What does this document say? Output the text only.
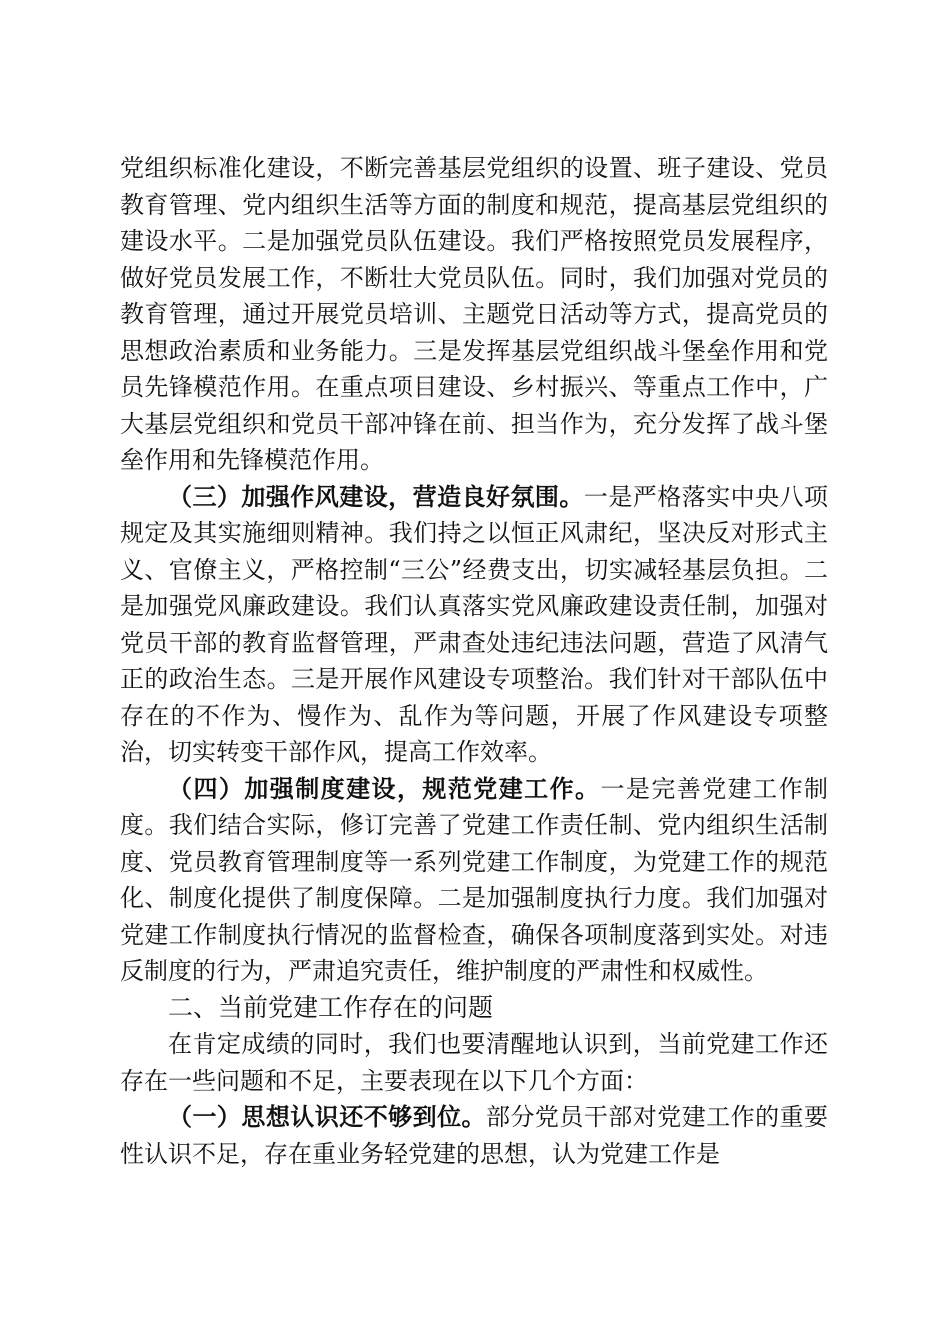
党组织标准化建设，不断完善基层党组织的设置、班子建设、党员教育管理、党内组织生活等方面的制度和规范，提高基层党组织的建设水平。二是加强党员队伍建设。我们严格按照党员发展程序，做好党员发展工作，不断壮大党员队伍。同时，我们加强对党员的教育管理，通过开展党员培训、主题党日活动等方式，提高党员的思想政治素质和业务能力。三是发挥基层党组织战斗堡垒作用和党员先锋模范作用。在重点项目建设、乡村振兴、等重点工作中，广大基层党组织和党员干部冲锋在前、担当作为，充分发挥了战斗堡垒作用和先锋模范作用。

（三）加强作风建设，营造良好氛围。一是严格落实中央八项规定及其实施细则精神。我们持之以恒正风肃纪，坚决反对形式主义、官僚主义，严格控制“三公”经费支出，切实减轻基层负担。二是加强党风廉政建设。我们认真落实党风廉政建设责任制，加强对党员干部的教育监督管理，严肃查处违纪违法问题，营造了风清气正的政治生态。三是开展作风建设专项整治。我们针对干部队伍中存在的不作为、慢作为、乱作为等问题，开展了作风建设专项整治，切实转变干部作风，提高工作效率。

（四）加强制度建设，规范党建工作。一是完善党建工作制度。我们结合实际，修订完善了党建工作责任制、党内组织生活制度、党员教育管理制度等一系列党建工作制度，为党建工作的规范化、制度化提供了制度保障。二是加强制度执行力度。我们加强对党建工作制度执行情况的监督检查，确保各项制度落到实处。对违反制度的行为，严肃追究责任，维护制度的严肃性和权威性。

二、当前党建工作存在的问题

在肯定成绩的同时，我们也要清醒地认识到，当前党建工作还存在一些问题和不足，主要表现在以下几个方面：

（一）思想认识还不够到位。部分党员干部对党建工作的重要性认识不足，存在重业务轻党建的思想，认为党建工作是
